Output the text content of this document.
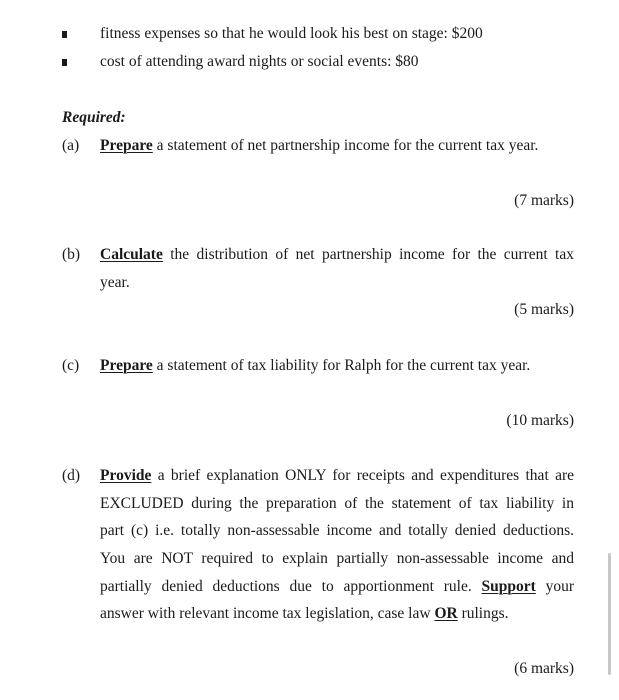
fitness expenses so that he would look his best on stage: $200
cost of attending award nights or social events: $80
Required:
(a) Prepare a statement of net partnership income for the current tax year.
(7 marks)
(b) Calculate the distribution of net partnership income for the current tax
year.
(5 marks)
(c) Prepare a statement of tax liability for Ralph for the current tax year.
(10 marks)
(d) Provide a brief explanation ONLY for receipts and expenditures that are
EXCLUDED during the preparation of the statement of tax liability in
part (c) i.e. totally non-assessable income and totally denied deductions.
You are NOT required to explain partially non-assessable income and
partially denied deductions due to apportionment rule. Support your
answer with relevant income tax legislation, case law OR rulings.
(6 marks)
